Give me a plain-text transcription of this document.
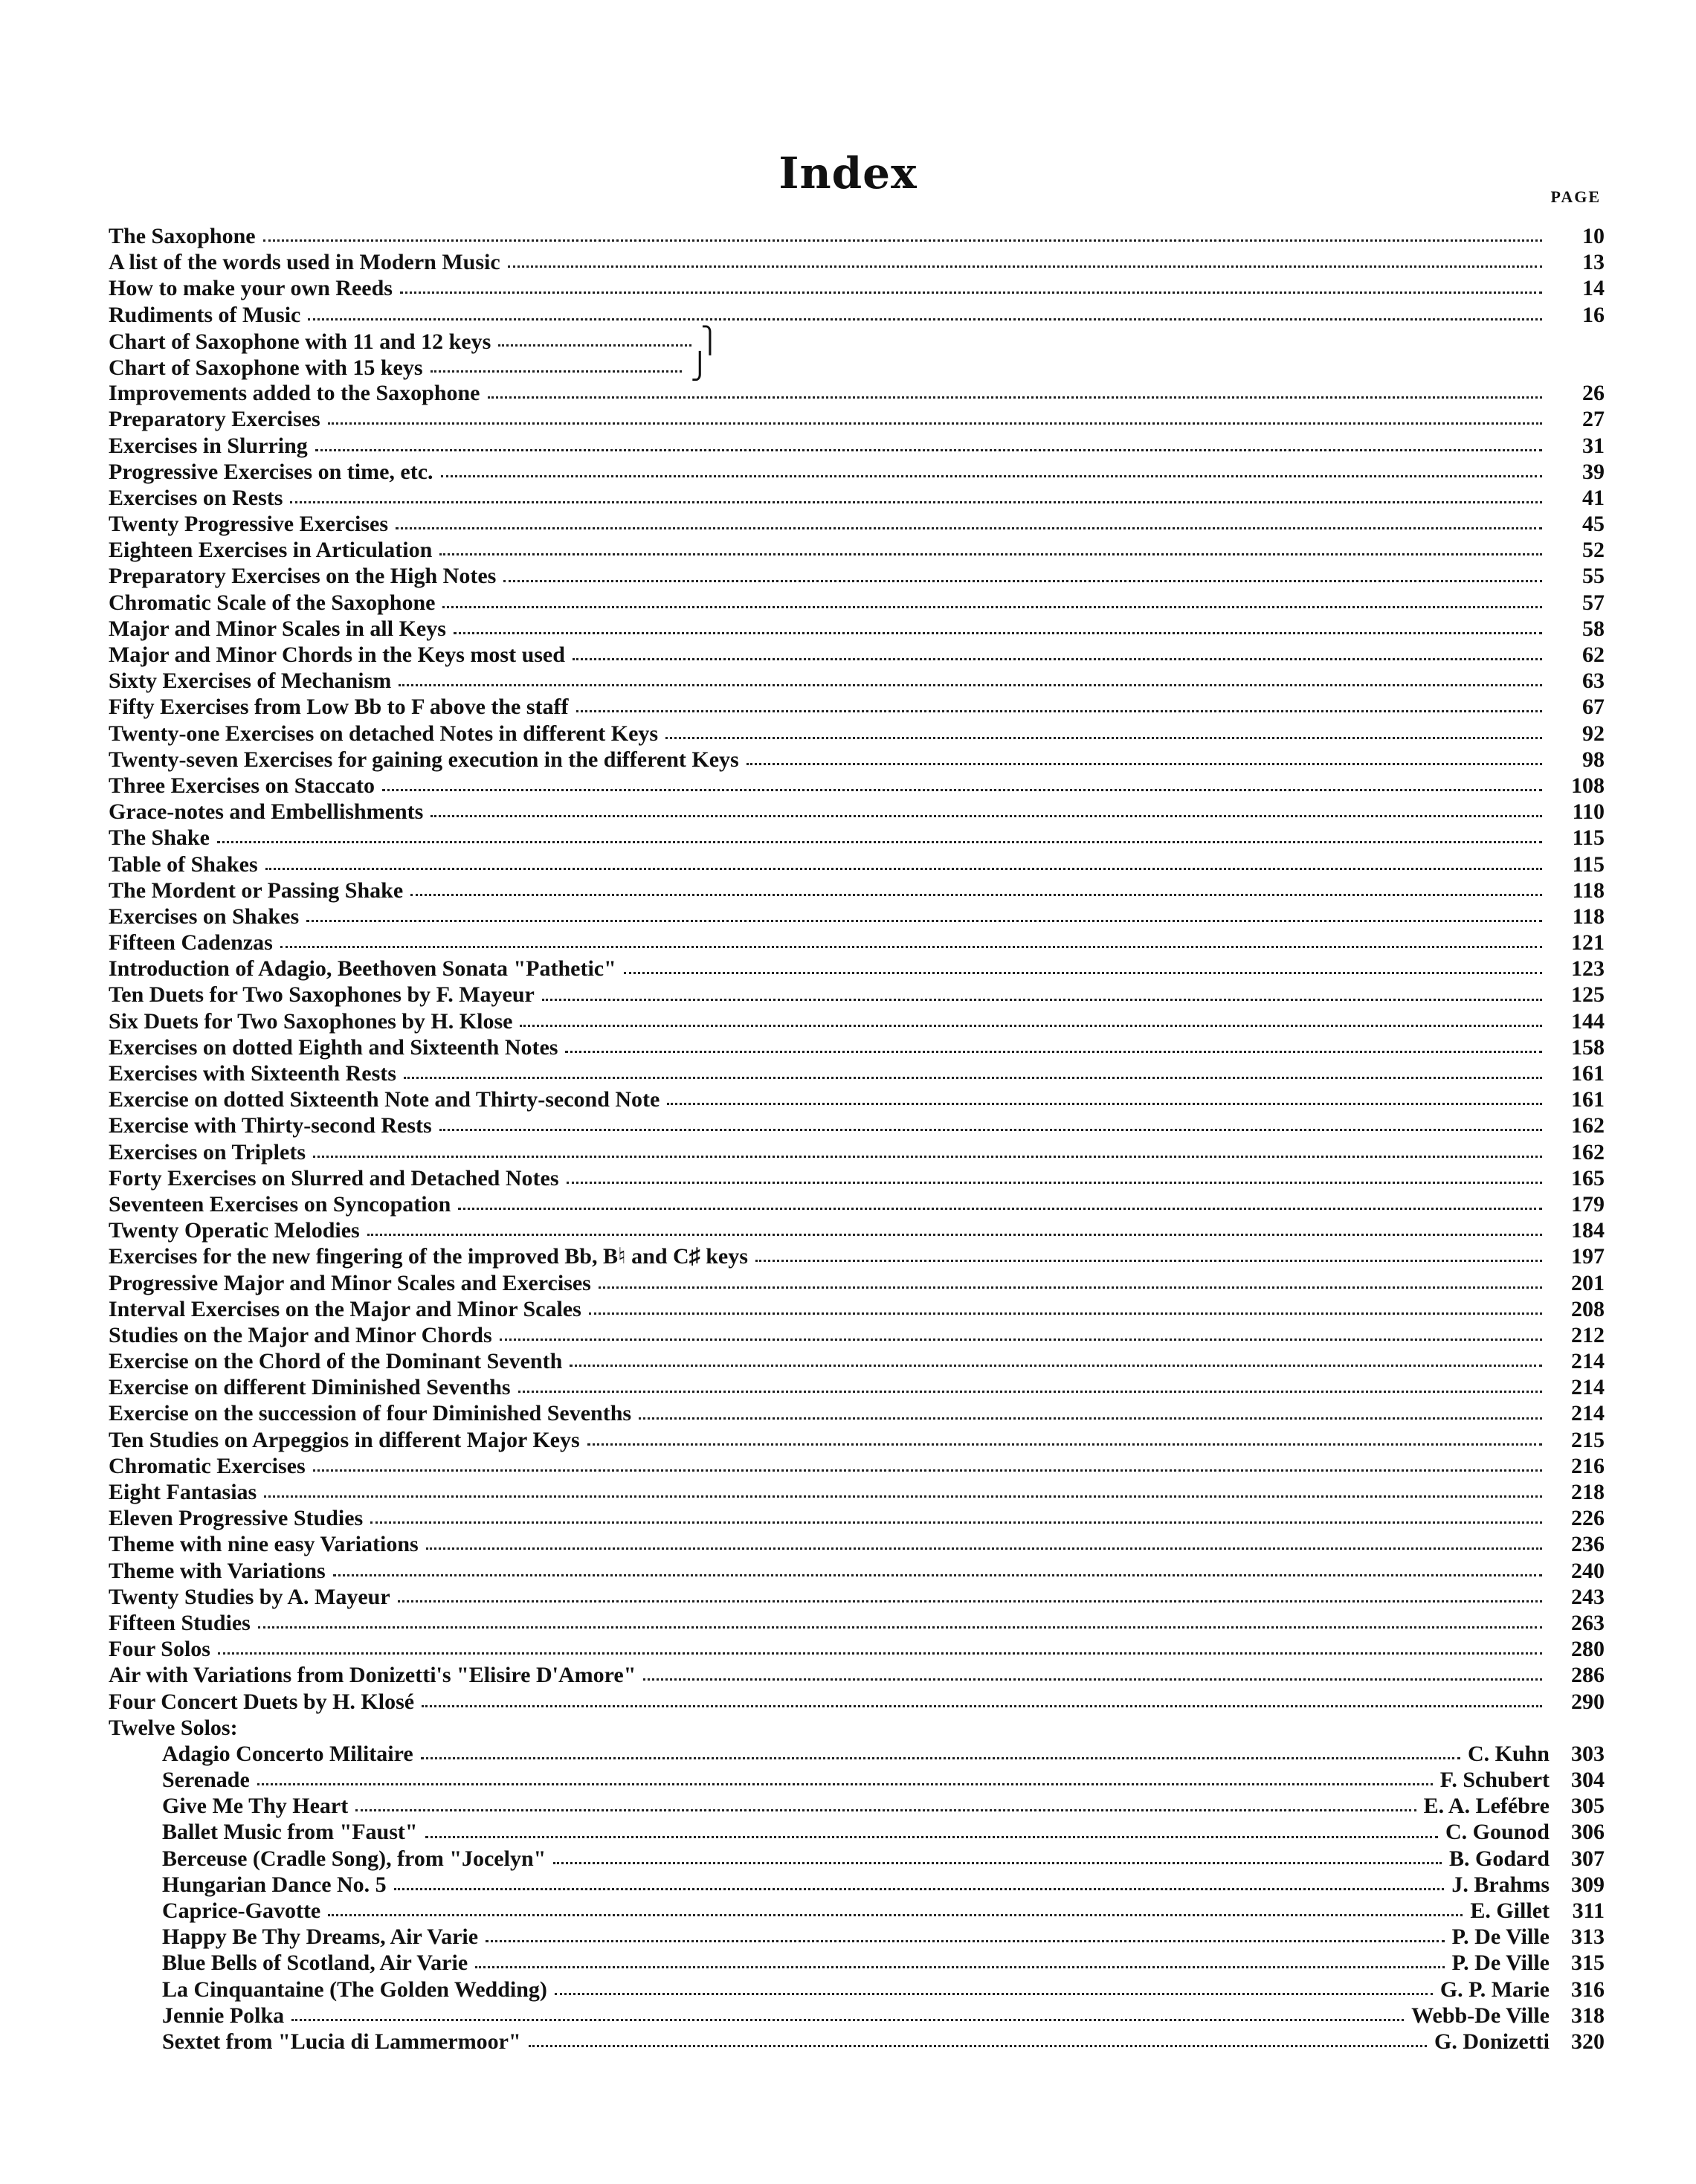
Index	PAGE
The Saxophone	10
A list of the words used in Modern Music	13
How to make your own Reeds	14
Rudiments of Music	16
Chart of Saxophone with 11 and 12 keys	⎫
Chart of Saxophone with 15 keys	⎭
Improvements added to the Saxophone	26
Preparatory Exercises	27
Exercises in Slurring	31
Progressive Exercises on time, etc.	39
Exercises on Rests	41
Twenty Progressive Exercises	45
Eighteen Exercises in Articulation	52
Preparatory Exercises on the High Notes	55
Chromatic Scale of the Saxophone	57
Major and Minor Scales in all Keys	58
Major and Minor Chords in the Keys most used	62
Sixty Exercises of Mechanism	63
Fifty Exercises from Low Bb to F above the staff	67
Twenty-one Exercises on detached Notes in different Keys	92
Twenty-seven Exercises for gaining execution in the different Keys	98
Three Exercises on Staccato	108
Grace-notes and Embellishments	110
The Shake	115
Table of Shakes	115
The Mordent or Passing Shake	118
Exercises on Shakes	118
Fifteen Cadenzas	121
Introduction of Adagio, Beethoven Sonata "Pathetic"	123
Ten Duets for Two Saxophones by F. Mayeur	125
Six Duets for Two Saxophones by H. Klose	144
Exercises on dotted Eighth and Sixteenth Notes	158
Exercises with Sixteenth Rests	161
Exercise on dotted Sixteenth Note and Thirty-second Note	161
Exercise with Thirty-second Rests	162
Exercises on Triplets	162
Forty Exercises on Slurred and Detached Notes	165
Seventeen Exercises on Syncopation	179
Twenty Operatic Melodies	184
Exercises for the new fingering of the improved Bb, B♮ and C♯ keys	197
Progressive Major and Minor Scales and Exercises	201
Interval Exercises on the Major and Minor Scales	208
Studies on the Major and Minor Chords	212
Exercise on the Chord of the Dominant Seventh	214
Exercise on different Diminished Sevenths	214
Exercise on the succession of four Diminished Sevenths	214
Ten Studies on Arpeggios in different Major Keys	215
Chromatic Exercises	216
Eight Fantasias	218
Eleven Progressive Studies	226
Theme with nine easy Variations	236
Theme with Variations	240
Twenty Studies by A. Mayeur	243
Fifteen Studies	263
Four Solos	280
Air with Variations from Donizetti's "Elisire D'Amore"	286
Four Concert Duets by H. Klosé	290
Twelve Solos:
Adagio Concerto Militaire	C. Kuhn 303
Serenade	F. Schubert 304
Give Me Thy Heart	E. A. Lefébre 305
Ballet Music from "Faust"	C. Gounod 306
Berceuse (Cradle Song), from "Jocelyn"	B. Godard 307
Hungarian Dance No. 5	J. Brahms 309
Caprice-Gavotte	E. Gillet	311
Happy Be Thy Dreams, Air Varie	P. De Ville 313
Blue Bells of Scotland, Air Varie	P. De Ville 315
La Cinquantaine (The Golden Wedding)	G. P. Marie 316
Jennie Polka	Webb-De Ville 318
Sextet from "Lucia di Lammermoor"	G. Donizetti 320
